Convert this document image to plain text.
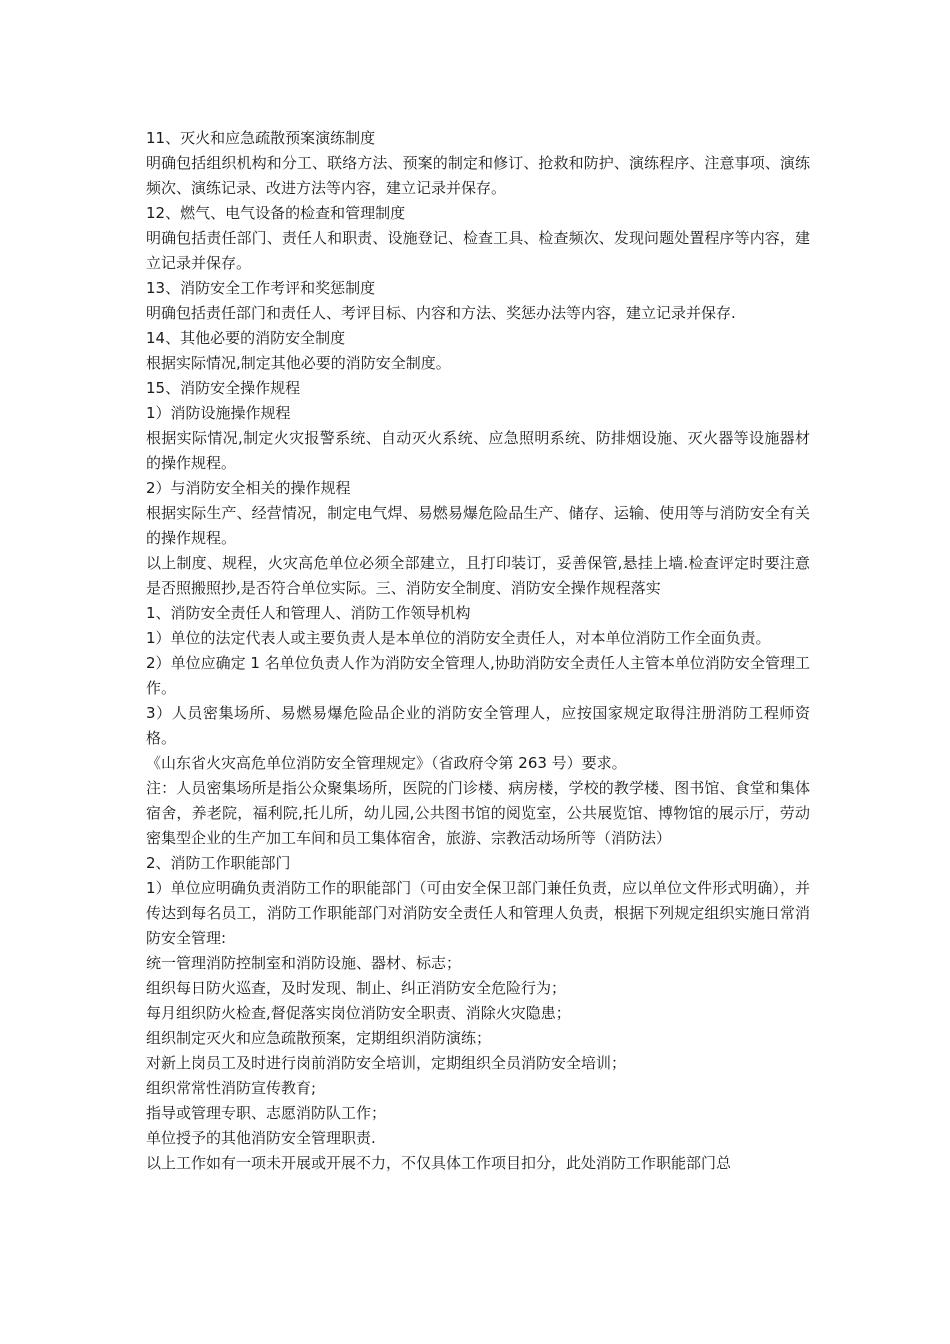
11、灭火和应急疏散预案演练制度

明确包括组织机构和分工、联络方法、预案的制定和修订、抢救和防护、演练程序、注意事项、演练频次、演练记录、改进方法等内容，建立记录并保存。

12、燃气、电气设备的检查和管理制度

明确包括责任部门、责任人和职责、设施登记、检查工具、检查频次、发现问题处置程序等内容，建立记录并保存。

13、消防安全工作考评和奖惩制度

明确包括责任部门和责任人、考评目标、内容和方法、奖惩办法等内容，建立记录并保存.

14、其他必要的消防安全制度

根据实际情况,制定其他必要的消防安全制度。

15、消防安全操作规程

1）消防设施操作规程

根据实际情况,制定火灾报警系统、自动灭火系统、应急照明系统、防排烟设施、灭火器等设施器材的操作规程。

2）与消防安全相关的操作规程

根据实际生产、经营情况，制定电气焊、易燃易爆危险品生产、储存、运输、使用等与消防安全有关的操作规程。

以上制度、规程，火灾高危单位必须全部建立，且打印装订，妥善保管,悬挂上墙.检查评定时要注意是否照搬照抄,是否符合单位实际。三、消防安全制度、消防安全操作规程落实

1、消防安全责任人和管理人、消防工作领导机构

1）单位的法定代表人或主要负责人是本单位的消防安全责任人，对本单位消防工作全面负责。

2）单位应确定 1 名单位负责人作为消防安全管理人,协助消防安全责任人主管本单位消防安全管理工作。

3）人员密集场所、易燃易爆危险品企业的消防安全管理人，应按国家规定取得注册消防工程师资格。

《山东省火灾高危单位消防安全管理规定》（省政府令第 263 号）要求。

注：人员密集场所是指公众聚集场所，医院的门诊楼、病房楼，学校的教学楼、图书馆、食堂和集体宿舍，养老院，福利院,托儿所，幼儿园,公共图书馆的阅览室，公共展览馆、博物馆的展示厅，劳动密集型企业的生产加工车间和员工集体宿舍，旅游、宗教活动场所等（消防法）

2、消防工作职能部门

1）单位应明确负责消防工作的职能部门（可由安全保卫部门兼任负责，应以单位文件形式明确），并传达到每名员工，消防工作职能部门对消防安全责任人和管理人负责，根据下列规定组织实施日常消防安全管理:

统一管理消防控制室和消防设施、器材、标志；

组织每日防火巡查，及时发现、制止、纠正消防安全危险行为；

每月组织防火检查,督促落实岗位消防安全职责、消除火灾隐患；

组织制定灭火和应急疏散预案，定期组织消防演练；

对新上岗员工及时进行岗前消防安全培训，定期组织全员消防安全培训；

组织常常性消防宣传教育;

指导或管理专职、志愿消防队工作；

单位授予的其他消防安全管理职责.

以上工作如有一项未开展或开展不力，不仅具体工作项目扣分，此处消防工作职能部门总
